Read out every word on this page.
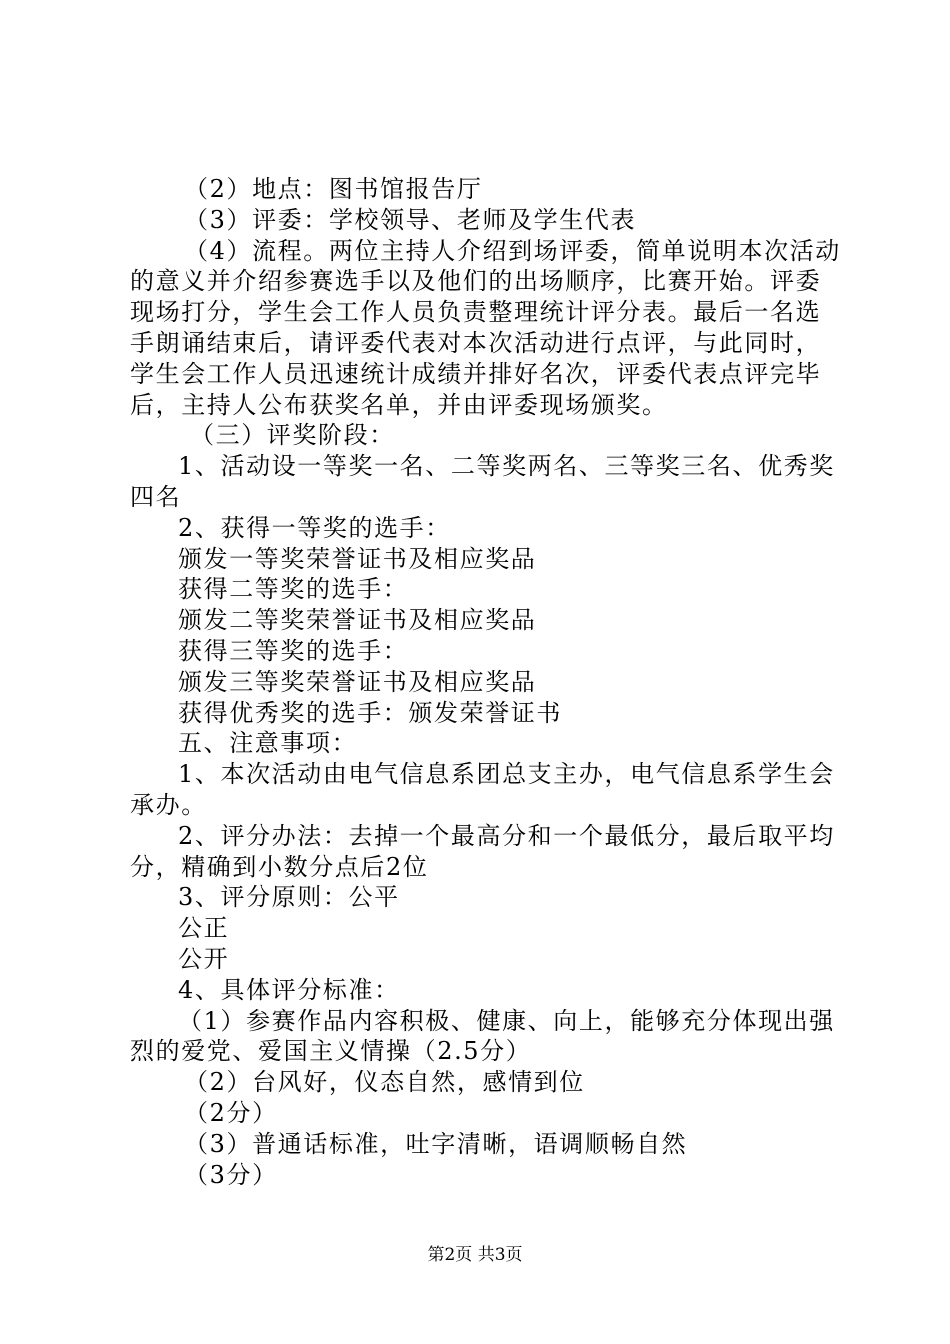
（2）地点：图书馆报告厅
（3）评委：学校领导、老师及学生代表
（4）流程。两位主持人介绍到场评委，简单说明本次活动
的意义并介绍参赛选手以及他们的出场顺序，比赛开始。评委
现场打分，学生会工作人员负责整理统计评分表。最后一名选
手朗诵结束后，请评委代表对本次活动进行点评，与此同时，
学生会工作人员迅速统计成绩并排好名次，评委代表点评完毕
后，主持人公布获奖名单，并由评委现场颁奖。
（三）评奖阶段：
1、活动设一等奖一名、二等奖两名、三等奖三名、优秀奖
四名
2、获得一等奖的选手：
颁发一等奖荣誉证书及相应奖品
获得二等奖的选手：
颁发二等奖荣誉证书及相应奖品
获得三等奖的选手：
颁发三等奖荣誉证书及相应奖品
获得优秀奖的选手：颁发荣誉证书
五、注意事项：
1、本次活动由电气信息系团总支主办，电气信息系学生会
承办。
2、评分办法：去掉一个最高分和一个最低分，最后取平均
分，精确到小数分点后2位
3、评分原则：公平
公正
公开
4、具体评分标准：
（1）参赛作品内容积极、健康、向上，能够充分体现出强
烈的爱党、爱国主义情操（2.5分）
（2）台风好，仪态自然，感情到位
（2分）
（3）普通话标准，吐字清晰，语调顺畅自然
（3分）
第2页 共3页
